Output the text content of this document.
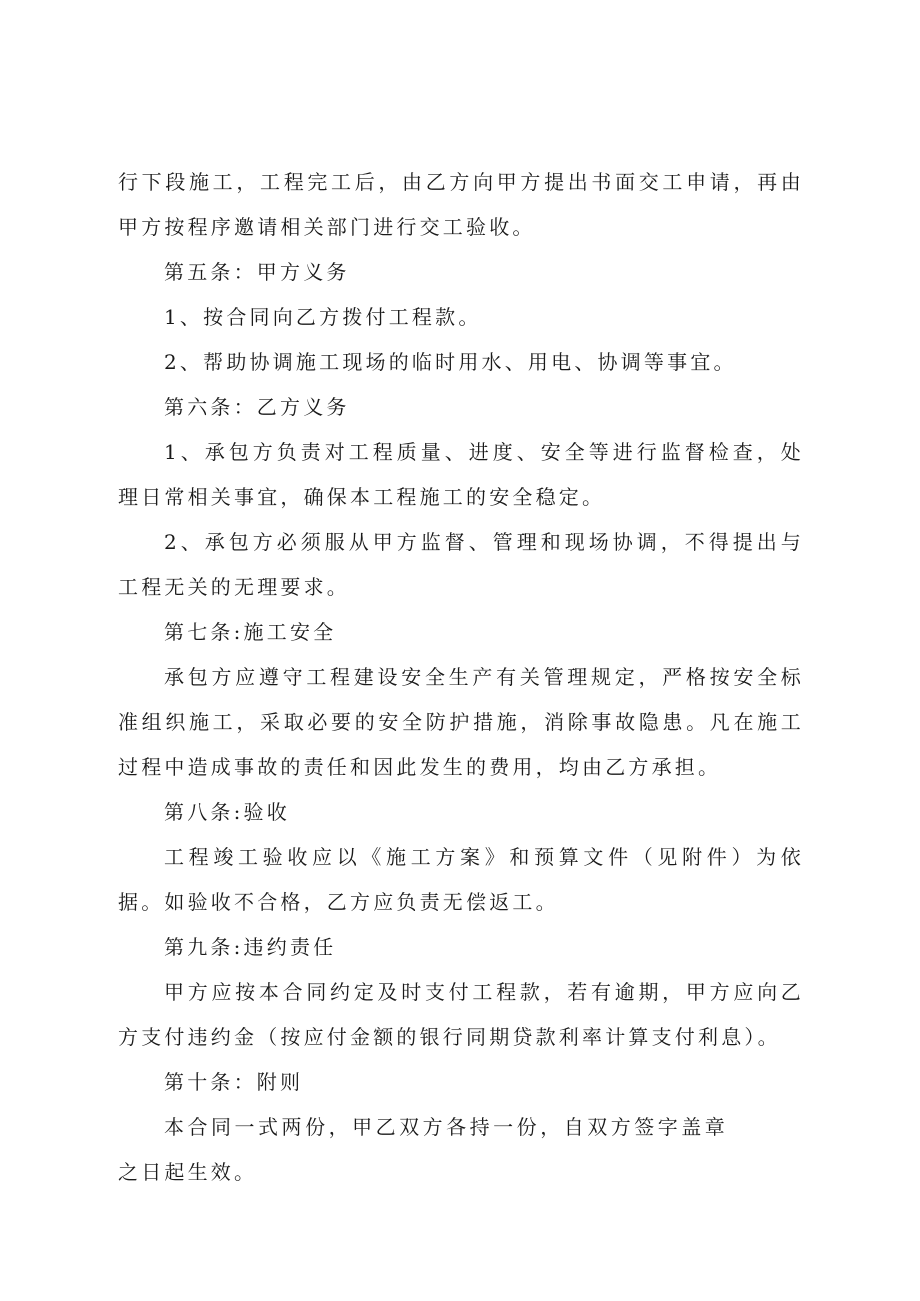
行下段施工，工程完工后，由乙方向甲方提出书面交工申请，再由甲方按程序邀请相关部门进行交工验收。

第五条：甲方义务

1、按合同向乙方拨付工程款。

2、帮助协调施工现场的临时用水、用电、协调等事宜。

第六条：乙方义务

1、承包方负责对工程质量、进度、安全等进行监督检查，处理日常相关事宜，确保本工程施工的安全稳定。

2、承包方必须服从甲方监督、管理和现场协调，不得提出与工程无关的无理要求。

第七条:施工安全

承包方应遵守工程建设安全生产有关管理规定，严格按安全标准组织施工，采取必要的安全防护措施，消除事故隐患。凡在施工过程中造成事故的责任和因此发生的费用，均由乙方承担。

第八条:验收

工程竣工验收应以《施工方案》和预算文件（见附件）为依据。如验收不合格，乙方应负责无偿返工。

第九条:违约责任

甲方应按本合同约定及时支付工程款，若有逾期，甲方应向乙方支付违约金（按应付金额的银行同期贷款利率计算支付利息）。

第十条：附则

本合同一式两份，甲乙双方各持一份，自双方签字盖章之日起生效。
